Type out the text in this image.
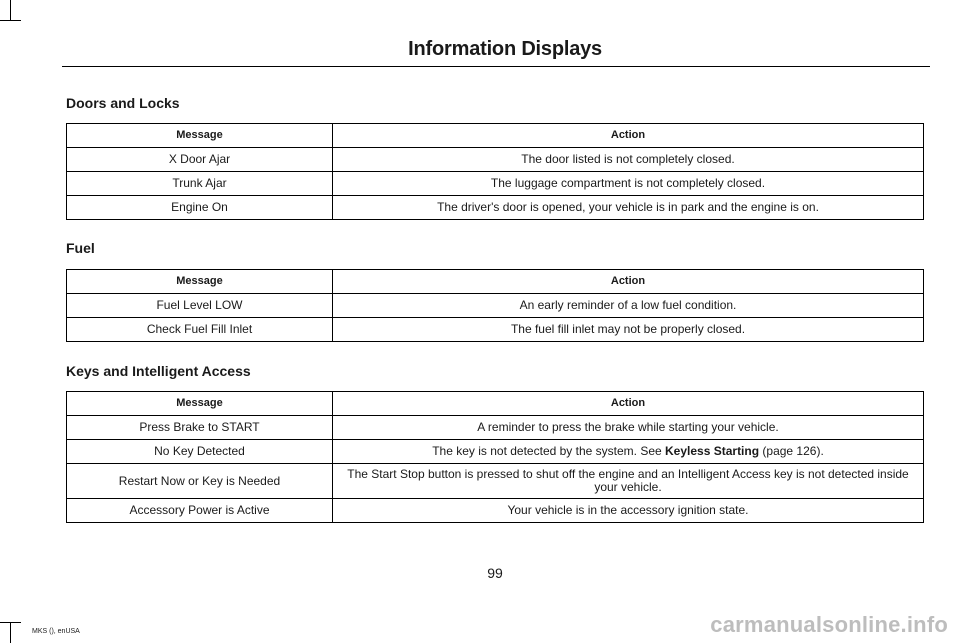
Information Displays
Doors and Locks
Message	Action
X Door Ajar	The door listed is not completely closed.
Trunk Ajar	The luggage compartment is not completely closed.
Engine On	The driver's door is opened, your vehicle is in park and the engine is on.
Fuel
Message	Action
Fuel Level LOW	An early reminder of a low fuel condition.
Check Fuel Fill Inlet	The fuel fill inlet may not be properly closed.
Keys and Intelligent Access
Message	Action
Press Brake to START	A reminder to press the brake while starting your vehicle.
No Key Detected	The key is not detected by the system. See Keyless Starting (page 126).
Restart Now or Key is Needed	The Start Stop button is pressed to shut off the engine and an Intelligent Access key is not detected inside your vehicle.
Accessory Power is Active	Your vehicle is in the accessory ignition state.
99
MKS (), enUSA	carmanualsonline.info
